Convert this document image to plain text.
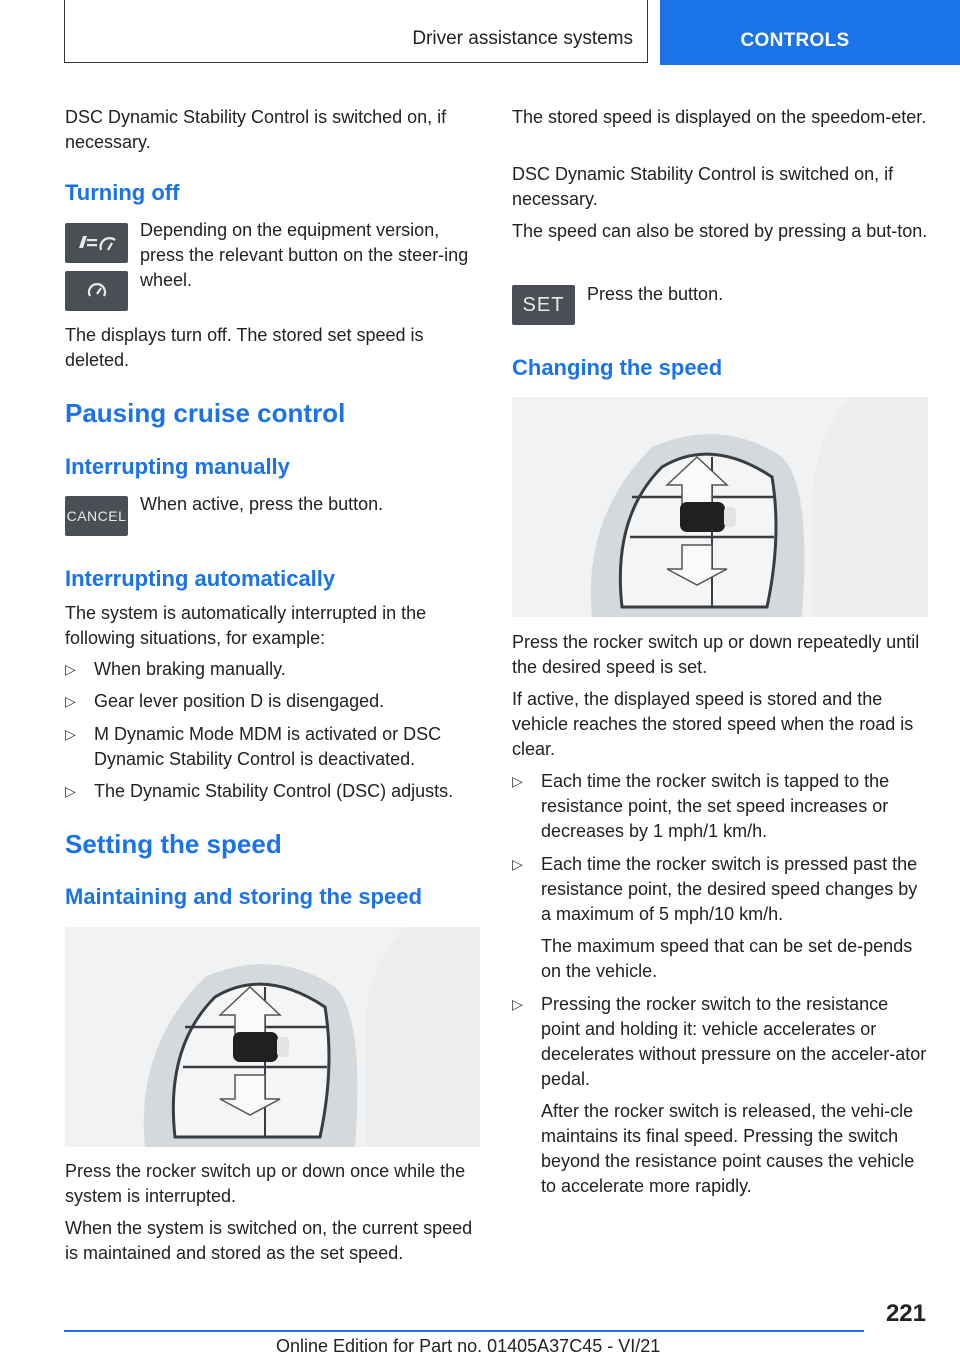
Driver assistance systems	CONTROLS

DSC Dynamic Stability Control is switched on, if necessary.

Turning off

Depending on the equipment version, press the relevant button on the steer‐ing wheel.

The displays turn off. The stored set speed is deleted.

Pausing cruise control
Interrupting manually
CANCEL

When active, press the button.

Interrupting automatically

The system is automatically interrupted in the following situations, for example:

▷	When braking manually.
▷	Gear lever position D is disengaged.
▷	M Dynamic Mode MDM is activated or DSC Dynamic Stability Control is deactivated.
▷	The Dynamic Stability Control (DSC) adjusts.
Setting the speed
Maintaining and storing the speed

Press the rocker switch up or down once while the system is interrupted.

When the system is switched on, the current speed is maintained and stored as the set speed.

The stored speed is displayed on the speedom‐eter.

DSC Dynamic Stability Control is switched on, if necessary.

The speed can also be stored by pressing a but‐ton.

SET Press the button.

Changing the speed

Press the rocker switch up or down repeatedly until the desired speed is set.

If active, the displayed speed is stored and the vehicle reaches the stored speed when the road is clear.

▷	Each time the rocker switch is tapped to the resistance point, the set speed increases or decreases by 1 mph/1 km/h.
▷	Each time the rocker switch is pressed past the resistance point, the desired speed changes by a maximum of 5 mph/10 km/h.

The maximum speed that can be set de‐pends on the vehicle.

▷	Pressing the rocker switch to the resistance point and holding it: vehicle accelerates or decelerates without pressure on the acceler‐ator pedal.

After the rocker switch is released, the vehi‐cle maintains its final speed. Pressing the switch beyond the resistance point causes the vehicle to accelerate more rapidly.

221
Online Edition for Part no. 01405A37C45 - VI/21
